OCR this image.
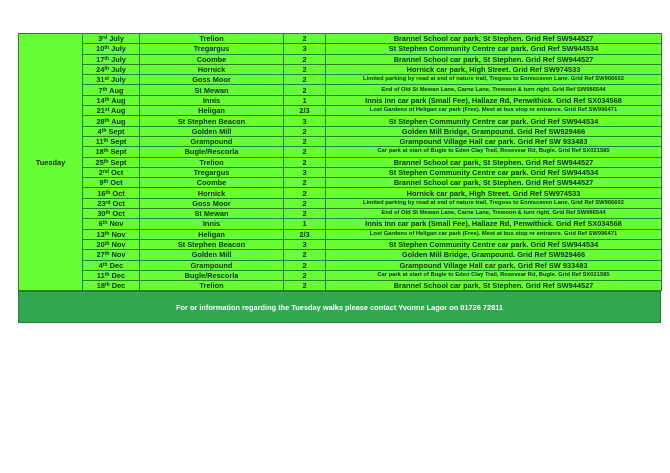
Tuesday	3rd July	Trelion	2	Brannel School car park, St Stephen. Grid Ref SW944527
	10th July	Tregargus	3	St Stephen Community Centre car park. Grid Ref SW944534
	17th July	Coombe	2	Brannel School car park, St Stephen. Grid Ref SW944527
	24th July	Hornick	2	Hornick car park, High Street. Grid Ref SW974533
	31st July	Goss Moor	2	Limited parking by road at end of nature trail, Tregoss to Enniscaven Lane. Grid Ref SW966602
	7th Aug	St Mewan	2	End of Old St Mewan Lane, Carne Lane, Trewoon & turn right. Grid Ref SW986544
	14th Aug	Innis	1	Innis Inn car park (Small Fee), Hallaze Rd, Penwithick. Grid Ref SX034568
	21st Aug	Heligan	2/3	Lost Gardens of Heligan car park (Free). Meet at bus stop nr entrance. Grid Ref SW996471
	28th Aug	St Stephen Beacon	3	St Stephen Community Centre car park. Grid Ref SW944534
	4th Sept	Golden Mill	2	Golden Mill Bridge, Grampound. Grid Ref SW929466
	11th Sept	Grampound	2	Grampound Village Hall car park. Grid Ref SW 933483
	18th Sept	Bugle/Rescorla	2	Car park at start of Bugle to Eden Clay Trail, Rosevear Rd, Bugle. Grid Ref SX021585
	25th Sept	Trelion	2	Brannel School car park, St Stephen. Grid Ref SW944527
	2nd Oct	Tregargus	3	St Stephen Community Centre car park. Grid Ref SW944534
	9th Oct	Coombe	2	Brannel School car park, St Stephen. Grid Ref SW944527
	16th Oct	Hornick	2	Hornick car park, High Street. Grid Ref SW974533
	23rd Oct	Goss Moor	2	Limited parking by road at end of nature trail, Tregoss to Enniscaven Lane. Grid Ref SW966602
	30th Oct	St Mewan	2	End of Old St Mewan Lane, Carne Lane, Trewoon & turn right. Grid Ref SW986544
	6th Nov	Innis	1	Innis Inn car park (Small Fee), Hallaze Rd, Penwithick. Grid Ref SX034568
	13th Nov	Heligan	2/3	Lost Gardens of Heligan car park (Free). Meet at bus stop nr entrance. Grid Ref SW996471
	20th Nov	St Stephen Beacon	3	St Stephen Community Centre car park. Grid Ref SW944534
	27th Nov	Golden Mill	2	Golden Mill Bridge, Grampound. Grid Ref SW929466
	4th Dec	Grampound	2	Grampound Village Hall car park. Grid Ref SW 933483
	11th Dec	Bugle/Rescorla	2	Car park at start of Bugle to Eden Clay Trail, Rosevear Rd, Bugle. Grid Ref SX021585
	18th Dec	Trelion	2	Brannel School car park, St Stephen. Grid Ref SW944527
For or information regarding the Tuesday walks please contact Yvonne Lagor on 01726 72811
